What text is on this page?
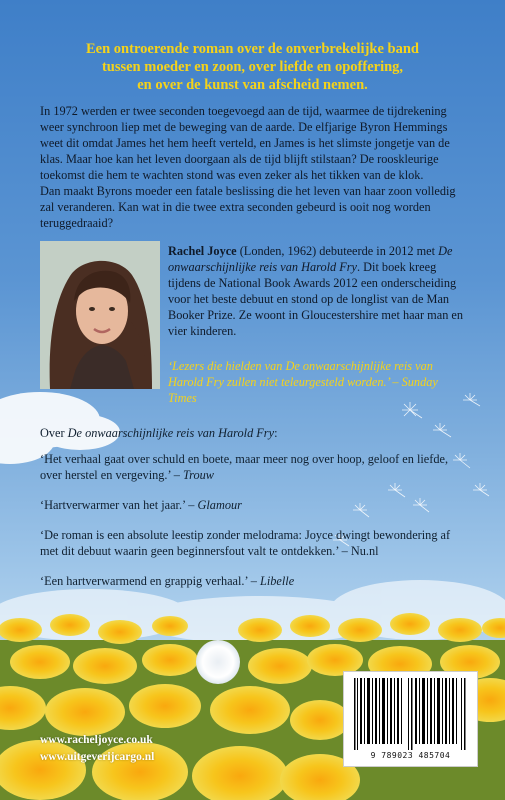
Een ontroerende roman over de onverbrekelijke band
tussen moeder en zoon, over liefde en opoffering,
en over de kunst van afscheid nemen.

In 1972 werden er twee seconden toegevoegd aan de tijd, waarmee de tijdrekening weer synchroon liep met de beweging van de aarde. De elfjarige Byron Hemmings weet dit omdat James het hem heeft verteld, en James is het slimste jongetje van de klas. Maar hoe kan het leven doorgaan als de tijd blijft stilstaan? De rooskleurige toekomst die hem te wachten stond was even zeker als het tikken van de klok.

Dan maakt Byrons moeder een fatale beslissing die het leven van haar zoon volledig zal veranderen. Kan wat in die twee extra seconden gebeurd is ooit nog worden teruggedraaid?

Rachel Joyce (Londen, 1962) debuteerde in 2012 met De onwaarschijnlijke reis van Harold Fry. Dit boek kreeg tijdens de National Book Awards 2012 een onderscheiding voor het beste debuut en stond op de longlist van de Man Booker Prize. Ze woont in Gloucestershire met haar man en vier kinderen.

‘Lezers die hielden van De onwaarschijnlijke reis van Harold Fry zullen niet teleurgesteld worden.’ – Sunday Times

Over De onwaarschijnlijke reis van Harold Fry:

‘Het verhaal gaat over schuld en boete, maar meer nog over hoop, geloof en liefde, over herstel en vergeving.’ – Trouw

‘Hartverwarmer van het jaar.’ – Glamour

‘De roman is een absolute leestip zonder melodrama: Joyce dwingt bewondering af met dit debuut waarin geen beginnersfout valt te ontdekken.’ – Nu.nl

‘Een hartverwarmend en grappig verhaal.’ – Libelle

www.racheljoyce.co.uk
www.uitgeverijcargo.nl	9 789023 485704
